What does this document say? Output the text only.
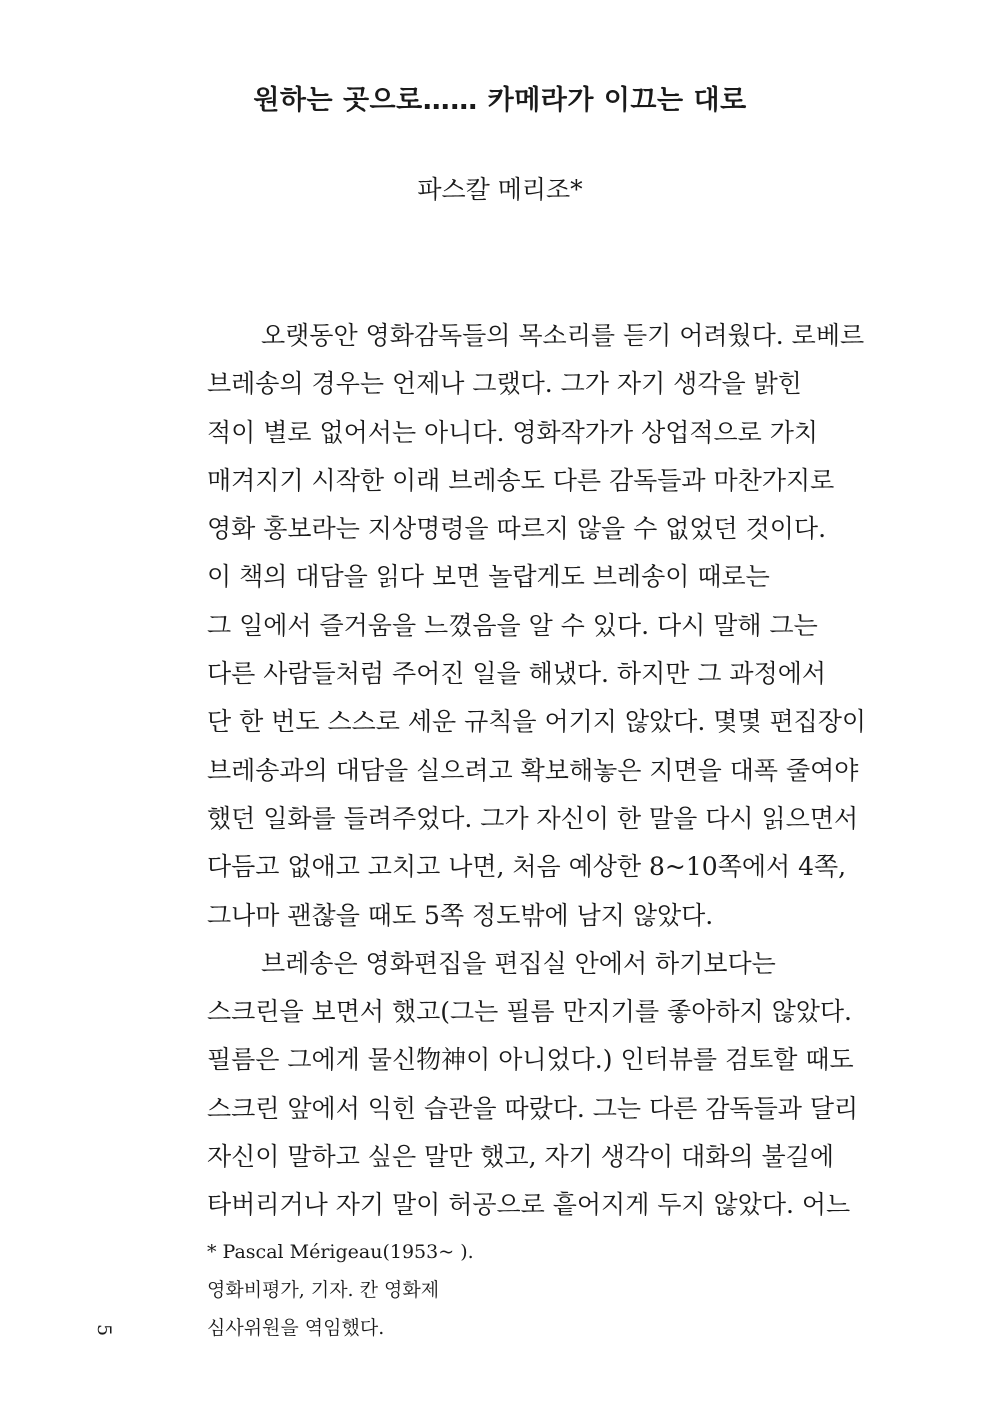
원하는 곳으로…… 카메라가 이끄는 대로

파스칼 메리조*

오랫동안 영화감독들의 목소리를 듣기 어려웠다. 로베르
브레송의 경우는 언제나 그랬다. 그가 자기 생각을 밝힌
적이 별로 없어서는 아니다. 영화작가가 상업적으로 가치
매겨지기 시작한 이래 브레송도 다른 감독들과 마찬가지로
영화 홍보라는 지상명령을 따르지 않을 수 없었던 것이다.
이 책의 대담을 읽다 보면 놀랍게도 브레송이 때로는
그 일에서 즐거움을 느꼈음을 알 수 있다. 다시 말해 그는
다른 사람들처럼 주어진 일을 해냈다. 하지만 그 과정에서
단 한 번도 스스로 세운 규칙을 어기지 않았다. 몇몇 편집장이
브레송과의 대담을 실으려고 확보해놓은 지면을 대폭 줄여야
했던 일화를 들려주었다. 그가 자신이 한 말을 다시 읽으면서
다듬고 없애고 고치고 나면, 처음 예상한 8~10쪽에서 4쪽,
그나마 괜찮을 때도 5쪽 정도밖에 남지 않았다.
브레송은 영화편집을 편집실 안에서 하기보다는
스크린을 보면서 했고(그는 필름 만지기를 좋아하지 않았다.
필름은 그에게 물신物神이 아니었다.) 인터뷰를 검토할 때도
스크린 앞에서 익힌 습관을 따랐다. 그는 다른 감독들과 달리
자신이 말하고 싶은 말만 했고, 자기 생각이 대화의 불길에
타버리거나 자기 말이 허공으로 흩어지게 두지 않았다. 어느
* Pascal Mérigeau(1953~ ).
영화비평가, 기자. 칸 영화제
심사위원을 역임했다.
5
